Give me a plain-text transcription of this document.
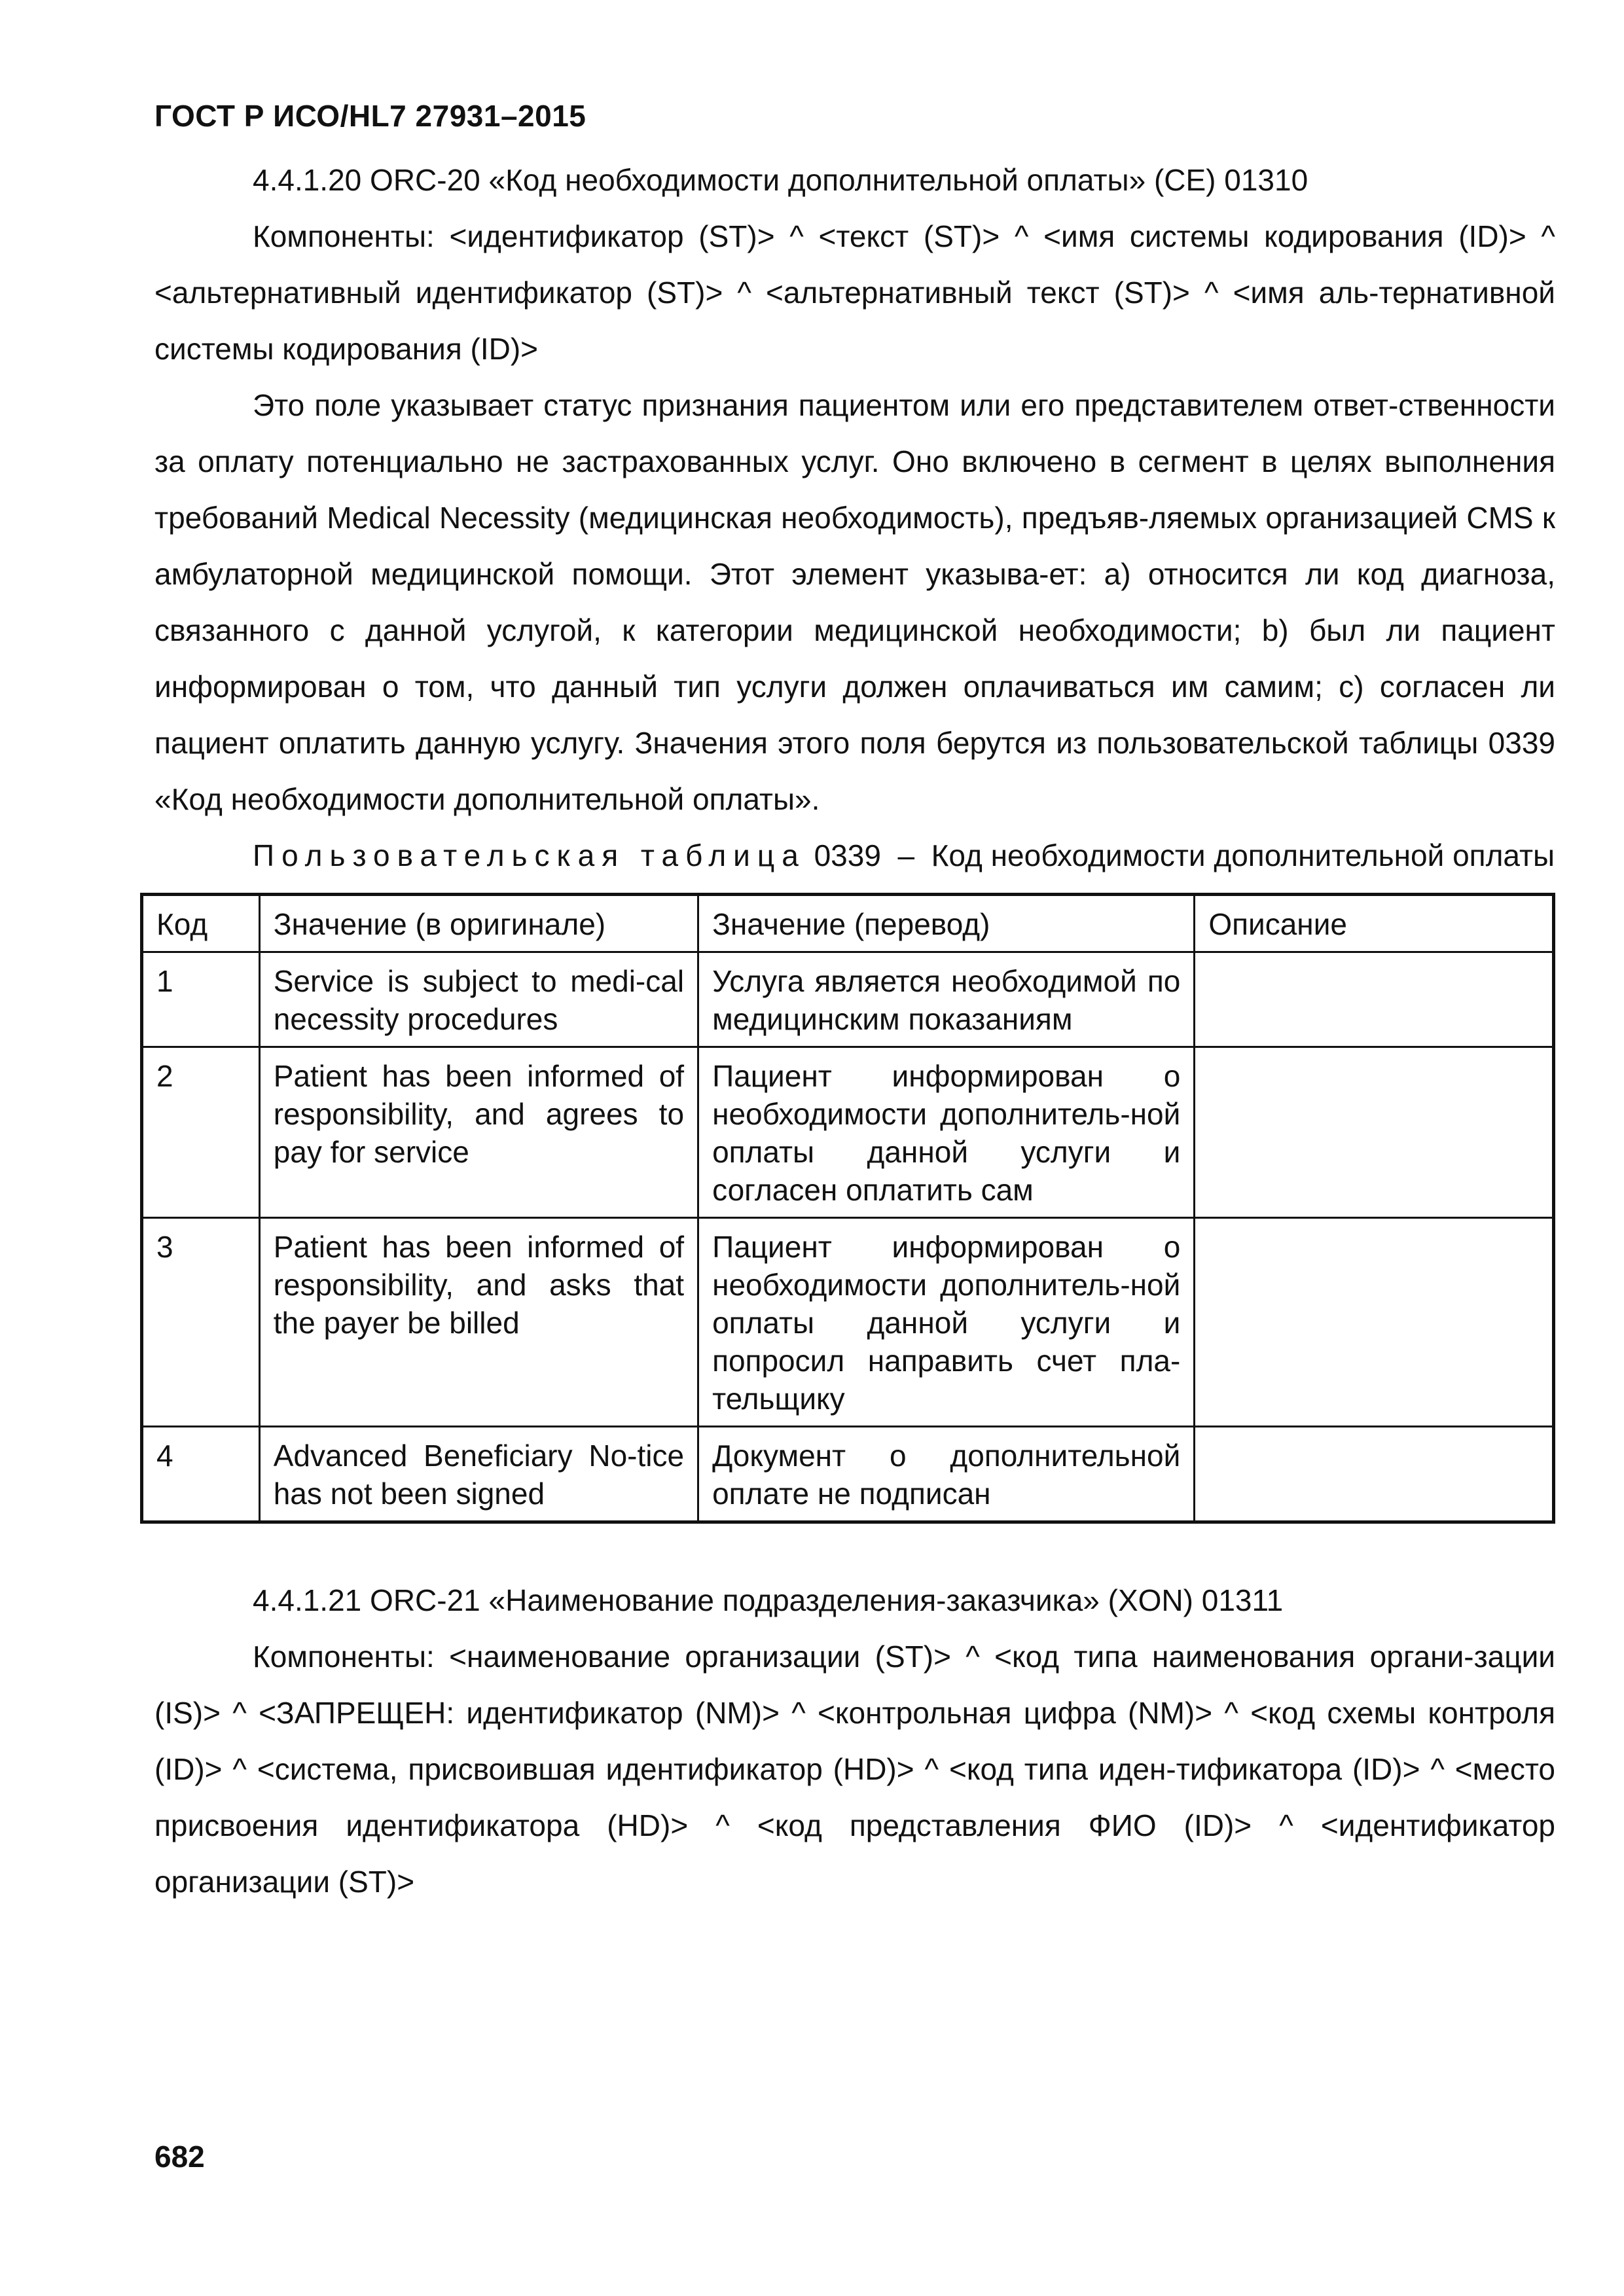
ГОСТ Р ИСО/HL7 27931–2015

4.4.1.20 ORC-20 «Код необходимости дополнительной оплаты» (CE) 01310

Компоненты: <идентификатор (ST)> ^ <текст (ST)> ^ <имя системы кодирования (ID)> ^ <альтернативный идентификатор (ST)> ^ <альтернативный текст (ST)> ^ <имя аль-тернативной системы кодирования (ID)>

Это поле указывает статус признания пациентом или его представителем ответ-ственности за оплату потенциально не застрахованных услуг. Оно включено в сегмент в целях выполнения требований Medical Necessity (медицинская необходимость), предъяв-ляемых организацией CMS к амбулаторной медицинской помощи. Этот элемент указыва-ет: a) относится ли код диагноза, связанного с данной услугой, к категории медицинской необходимости; b) был ли пациент информирован о том, что данный тип услуги должен оплачиваться им самим; c) согласен ли пациент оплатить данную услугу. Значения этого поля берутся из пользовательской таблицы 0339 «Код необходимости дополнительной оплаты».

Пользовательская таблица 0339 – Код необходимости дополнительной оплаты

Код	Значение (в оригинале)	Значение (перевод)	Описание
1	Service is subject to medi-cal necessity procedures	Услуга является необходимой по медицинским показаниям	
2	Patient has been informed of responsibility, and agrees to pay for service	Пациент информирован о необходимости дополнитель-ной оплаты данной услуги и согласен оплатить сам	
3	Patient has been informed of responsibility, and asks that the payer be billed	Пациент информирован о необходимости дополнитель-ной оплаты данной услуги и попросил направить счет пла-тельщику	
4	Advanced Beneficiary No-tice has not been signed	Документ о дополнительной оплате не подписан	

4.4.1.21 ORC-21 «Наименование подразделения-заказчика» (XON) 01311

Компоненты: <наименование организации (ST)> ^ <код типа наименования органи-зации (IS)> ^ <ЗАПРЕЩЕН: идентификатор (NM)> ^ <контрольная цифра (NM)> ^ <код схемы контроля (ID)> ^ <система, присвоившая идентификатор (HD)> ^ <код типа иден-тификатора (ID)> ^ <место присвоения идентификатора (HD)> ^ <код представления ФИО (ID)> ^ <идентификатор организации (ST)>

682
